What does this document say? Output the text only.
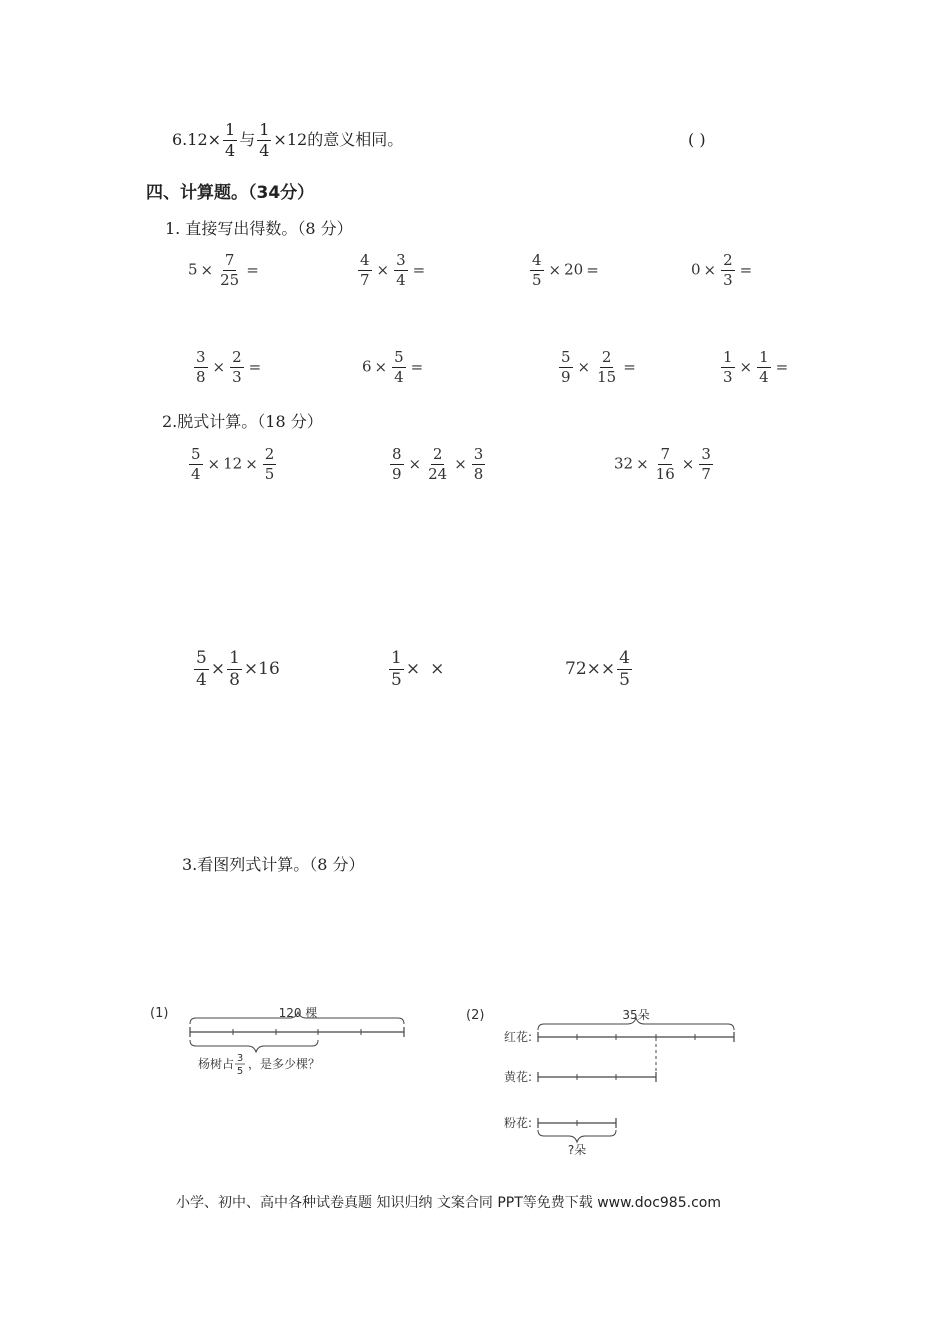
$6.12\times \frac{1}{4}$ 与 $\frac{1}{4} \times 12$的意义相同。	( )
四、计算题。（34分）
1. 直接写出得数。（8 分）
$5 \times \frac{7}{25}$ =	$\frac{4}{7} \times \frac{3}{4}$ =	$\frac{4}{5} \times 20$ =	$0 \times \frac{2}{3}$ =
$\frac{3}{8} \times \frac{2}{3}$ =	$6 \times \frac{5}{4}$ =	$\frac{5}{9} \times \frac{2}{15}$ =	$\frac{1}{3} \times \frac{1}{4}$ =
2.脱式计算。（18 分）
$\frac{5}{4} \times 12 \times \frac{2}{5}$	$\frac{8}{9} \times \frac{2}{24} \times \frac{3}{8}$	$32 \times \frac{7}{16} \times \frac{3}{7}$
$\frac{5}{4} \times \frac{1}{8} \times 16$	$\frac{1}{5}$ × ×	$72\times\times \frac{4}{5}$
3.看图列式计算。（8 分）
(1)	120 棵
杨树占 3
5
，是多少棵？
(2)	35朵
红花:
黄花:
粉花:
?朵
小学、初中、高中各种试卷真题 知识归纳 文案合同 PPT等免费下载 www.doc985.com
